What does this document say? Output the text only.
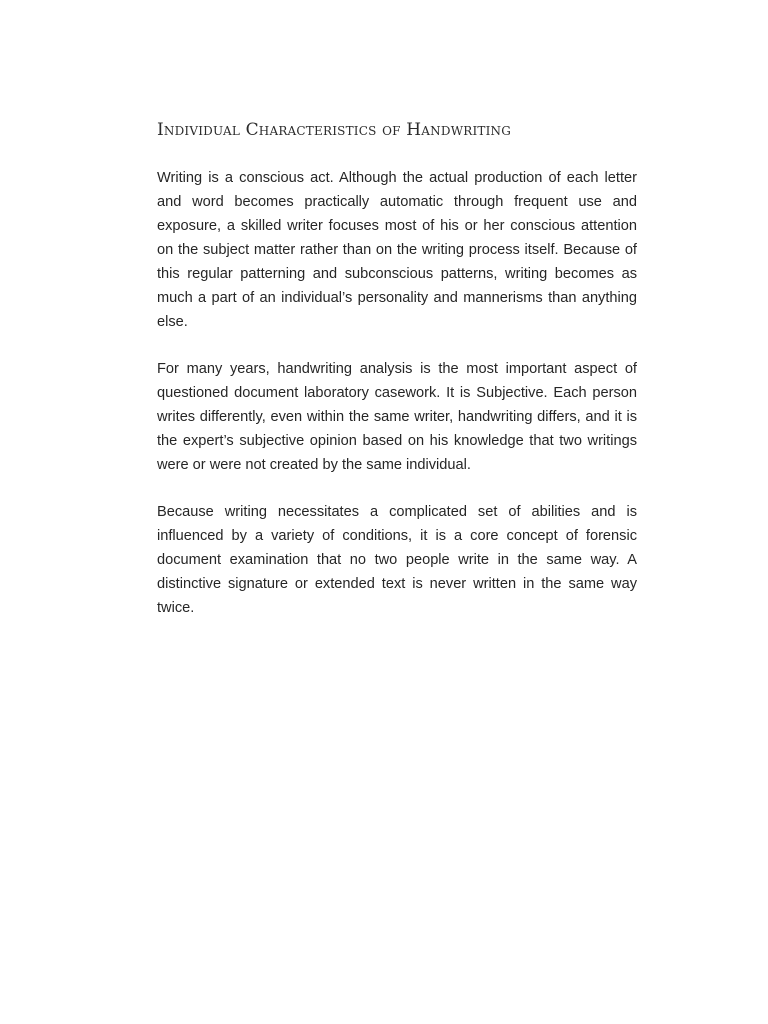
Individual Characteristics of Handwriting

Writing is a conscious act. Although the actual production of each letter and word becomes practically automatic through frequent use and exposure, a skilled writer focuses most of his or her conscious attention on the subject matter rather than on the writing process itself. Because of this regular patterning and subconscious patterns, writing becomes as much a part of an individual’s personality and mannerisms than anything else.

For many years, handwriting analysis is the most important aspect of questioned document laboratory casework. It is Subjective. Each person writes differently, even within the same writer, handwriting differs, and it is the expert’s subjective opinion based on his knowledge that two writings were or were not created by the same individual.

Because writing necessitates a complicated set of abilities and is influenced by a variety of conditions, it is a core concept of forensic document examination that no two people write in the same way. A distinctive signature or extended text is never written in the same way twice.
